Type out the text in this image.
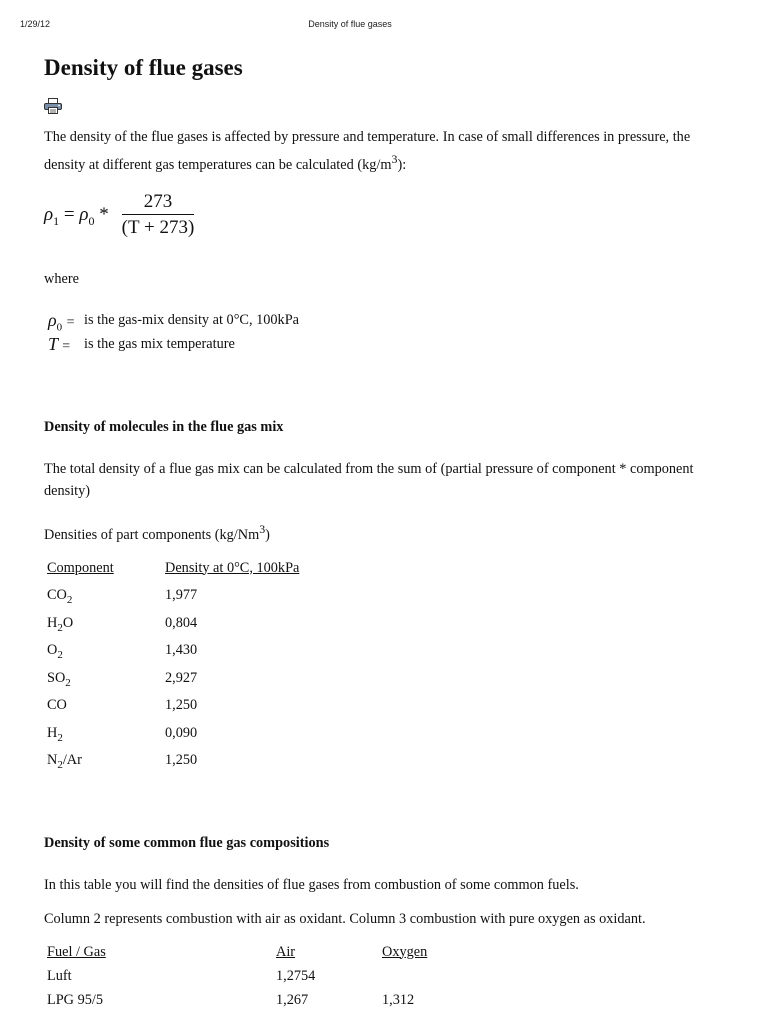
1/29/12	Density of flue gases
Density of flue gases

The density of the flue gases is affected by pressure and temperature. In case of small differences in pressure, the density at different gas temperatures can be calculated $(kg/m^3)$:

$\rho_1 = \rho_0$ *
273
(T + 273)

where

$\rho_0$ = is the gas-mix density at 0°C, 100kPa
T = is the gas mix temperature
Density of molecules in the flue gas mix

The total density of a flue gas mix can be calculated from the sum of (partial pressure of component * component density)

Densities of part components (kg/Nm$^3$)

Component	Density at 0°C, 100kPa
$CO_2$	1,977
$H_2O$	0,804
$O_2$	1,430
$SO_2$	2,927
CO	1,250
$H_2$	0,090
$N_2/Ar$	1,250
Density of some common flue gas compositions

In this table you will find the densities of flue gases from combustion of some common fuels.

Column 2 represents combustion with air as oxidant. Column 3 combustion with pure oxygen as oxidant.

Fuel / Gas	Air	Oxygen
Luft	1,2754	
LPG 95/5	1,267	1,312
